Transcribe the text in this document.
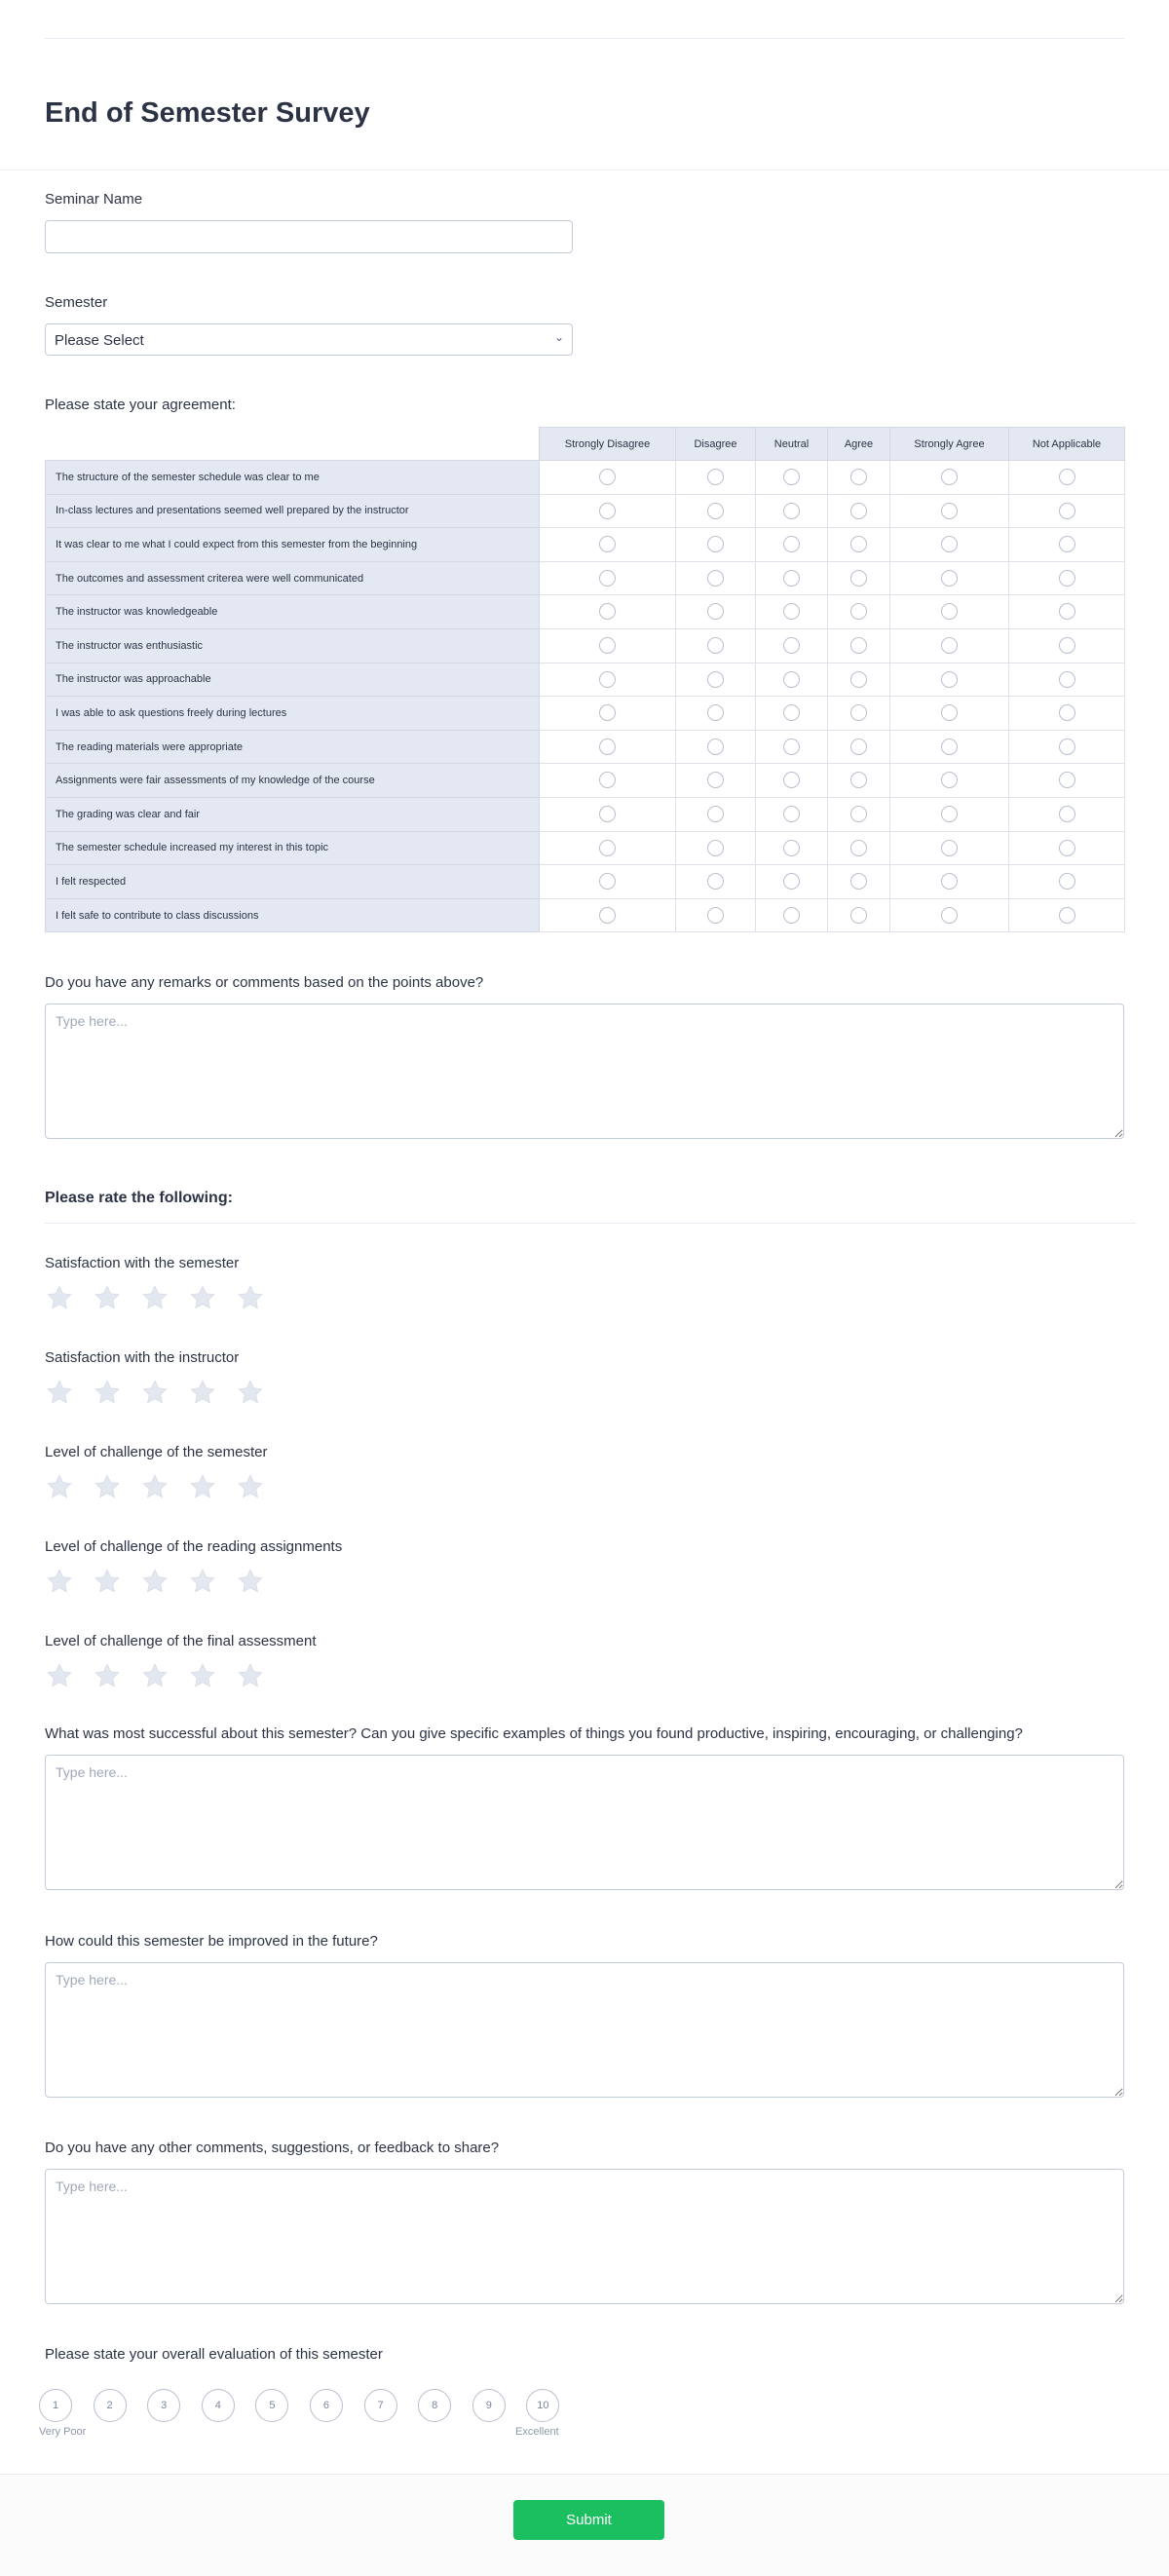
End of Semester Survey
Seminar Name
Semester
Please Select	⌄
Please state your agreement:
	Strongly Disagree	Disagree	Neutral	Agree	Strongly Agree	Not Applicable
The structure of the semester schedule was clear to me						
In-class lectures and presentations seemed well prepared by the instructor						
It was clear to me what I could expect from this semester from the beginning						
The outcomes and assessment criterea were well communicated						
The instructor was knowledgeable						
The instructor was enthusiastic						
The instructor was approachable						
I was able to ask questions freely during lectures						
The reading materials were appropriate						
Assignments were fair assessments of my knowledge of the course						
The grading was clear and fair						
The semester schedule increased my interest in this topic						
I felt respected						
I felt safe to contribute to class discussions						
Do you have any remarks or comments based on the points above?
Type here...
Please rate the following:
Satisfaction with the semester
Satisfaction with the instructor
Level of challenge of the semester
Level of challenge of the reading assignments
Level of challenge of the final assessment
What was most successful about this semester? Can you give specific examples of things you found productive, inspiring, encouraging, or challenging?
Type here...
How could this semester be improved in the future?
Type here...
Do you have any other comments, suggestions, or feedback to share?
Type here...
Please state your overall evaluation of this semester
1	2	3	4	5	6	7	8	9	10
Very Poor	Excellent
Submit
